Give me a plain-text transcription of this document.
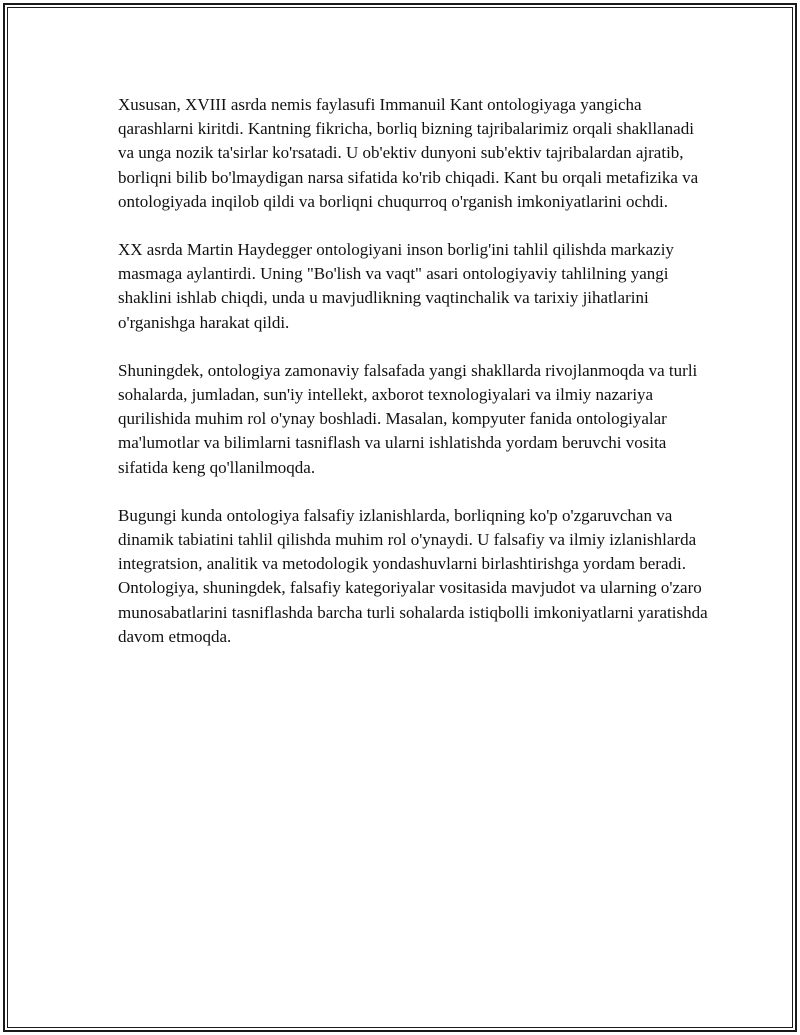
Xususan, XVIII asrda nemis faylasufi Immanuil Kant ontologiyaga yangicha qarashlarni kiritdi. Kantning fikricha, borliq bizning tajribalarimiz orqali shakllanadi va unga nozik ta'sirlar ko'rsatadi. U ob'ektiv dunyoni sub'ektiv tajribalardan ajratib, borliqni bilib bo'lmaydigan narsa sifatida ko'rib chiqadi. Kant bu orqali metafizika va ontologiyada inqilob qildi va borliqni chuqurroq o'rganish imkoniyatlarini ochdi.

XX asrda Martin Haydegger ontologiyani inson borlig'ini tahlil qilishda markaziy masmaga aylantirdi. Uning "Bo'lish va vaqt" asari ontologiyaviy tahlilning yangi shaklini ishlab chiqdi, unda u mavjudlikning vaqtinchalik va tarixiy jihatlarini o'rganishga harakat qildi.

Shuningdek, ontologiya zamonaviy falsafada yangi shakllarda rivojlanmoqda va turli sohalarda, jumladan, sun'iy intellekt, axborot texnologiyalari va ilmiy nazariya qurilishida muhim rol o'ynay boshladi. Masalan, kompyuter fanida ontologiyalar ma'lumotlar va bilimlarni tasniflash va ularni ishlatishda yordam beruvchi vosita sifatida keng qo'llanilmoqda.

Bugungi kunda ontologiya falsafiy izlanishlarda, borliqning ko'p o'zgaruvchan va dinamik tabiatini tahlil qilishda muhim rol o'ynaydi. U falsafiy va ilmiy izlanishlarda integratsion, analitik va metodologik yondashuvlarni birlashtirishga yordam beradi. Ontologiya, shuningdek, falsafiy kategoriyalar vositasida mavjudot va ularning o'zaro munosabatlarini tasniflashda barcha turli sohalarda istiqbolli imkoniyatlarni yaratishda davom etmoqda.
